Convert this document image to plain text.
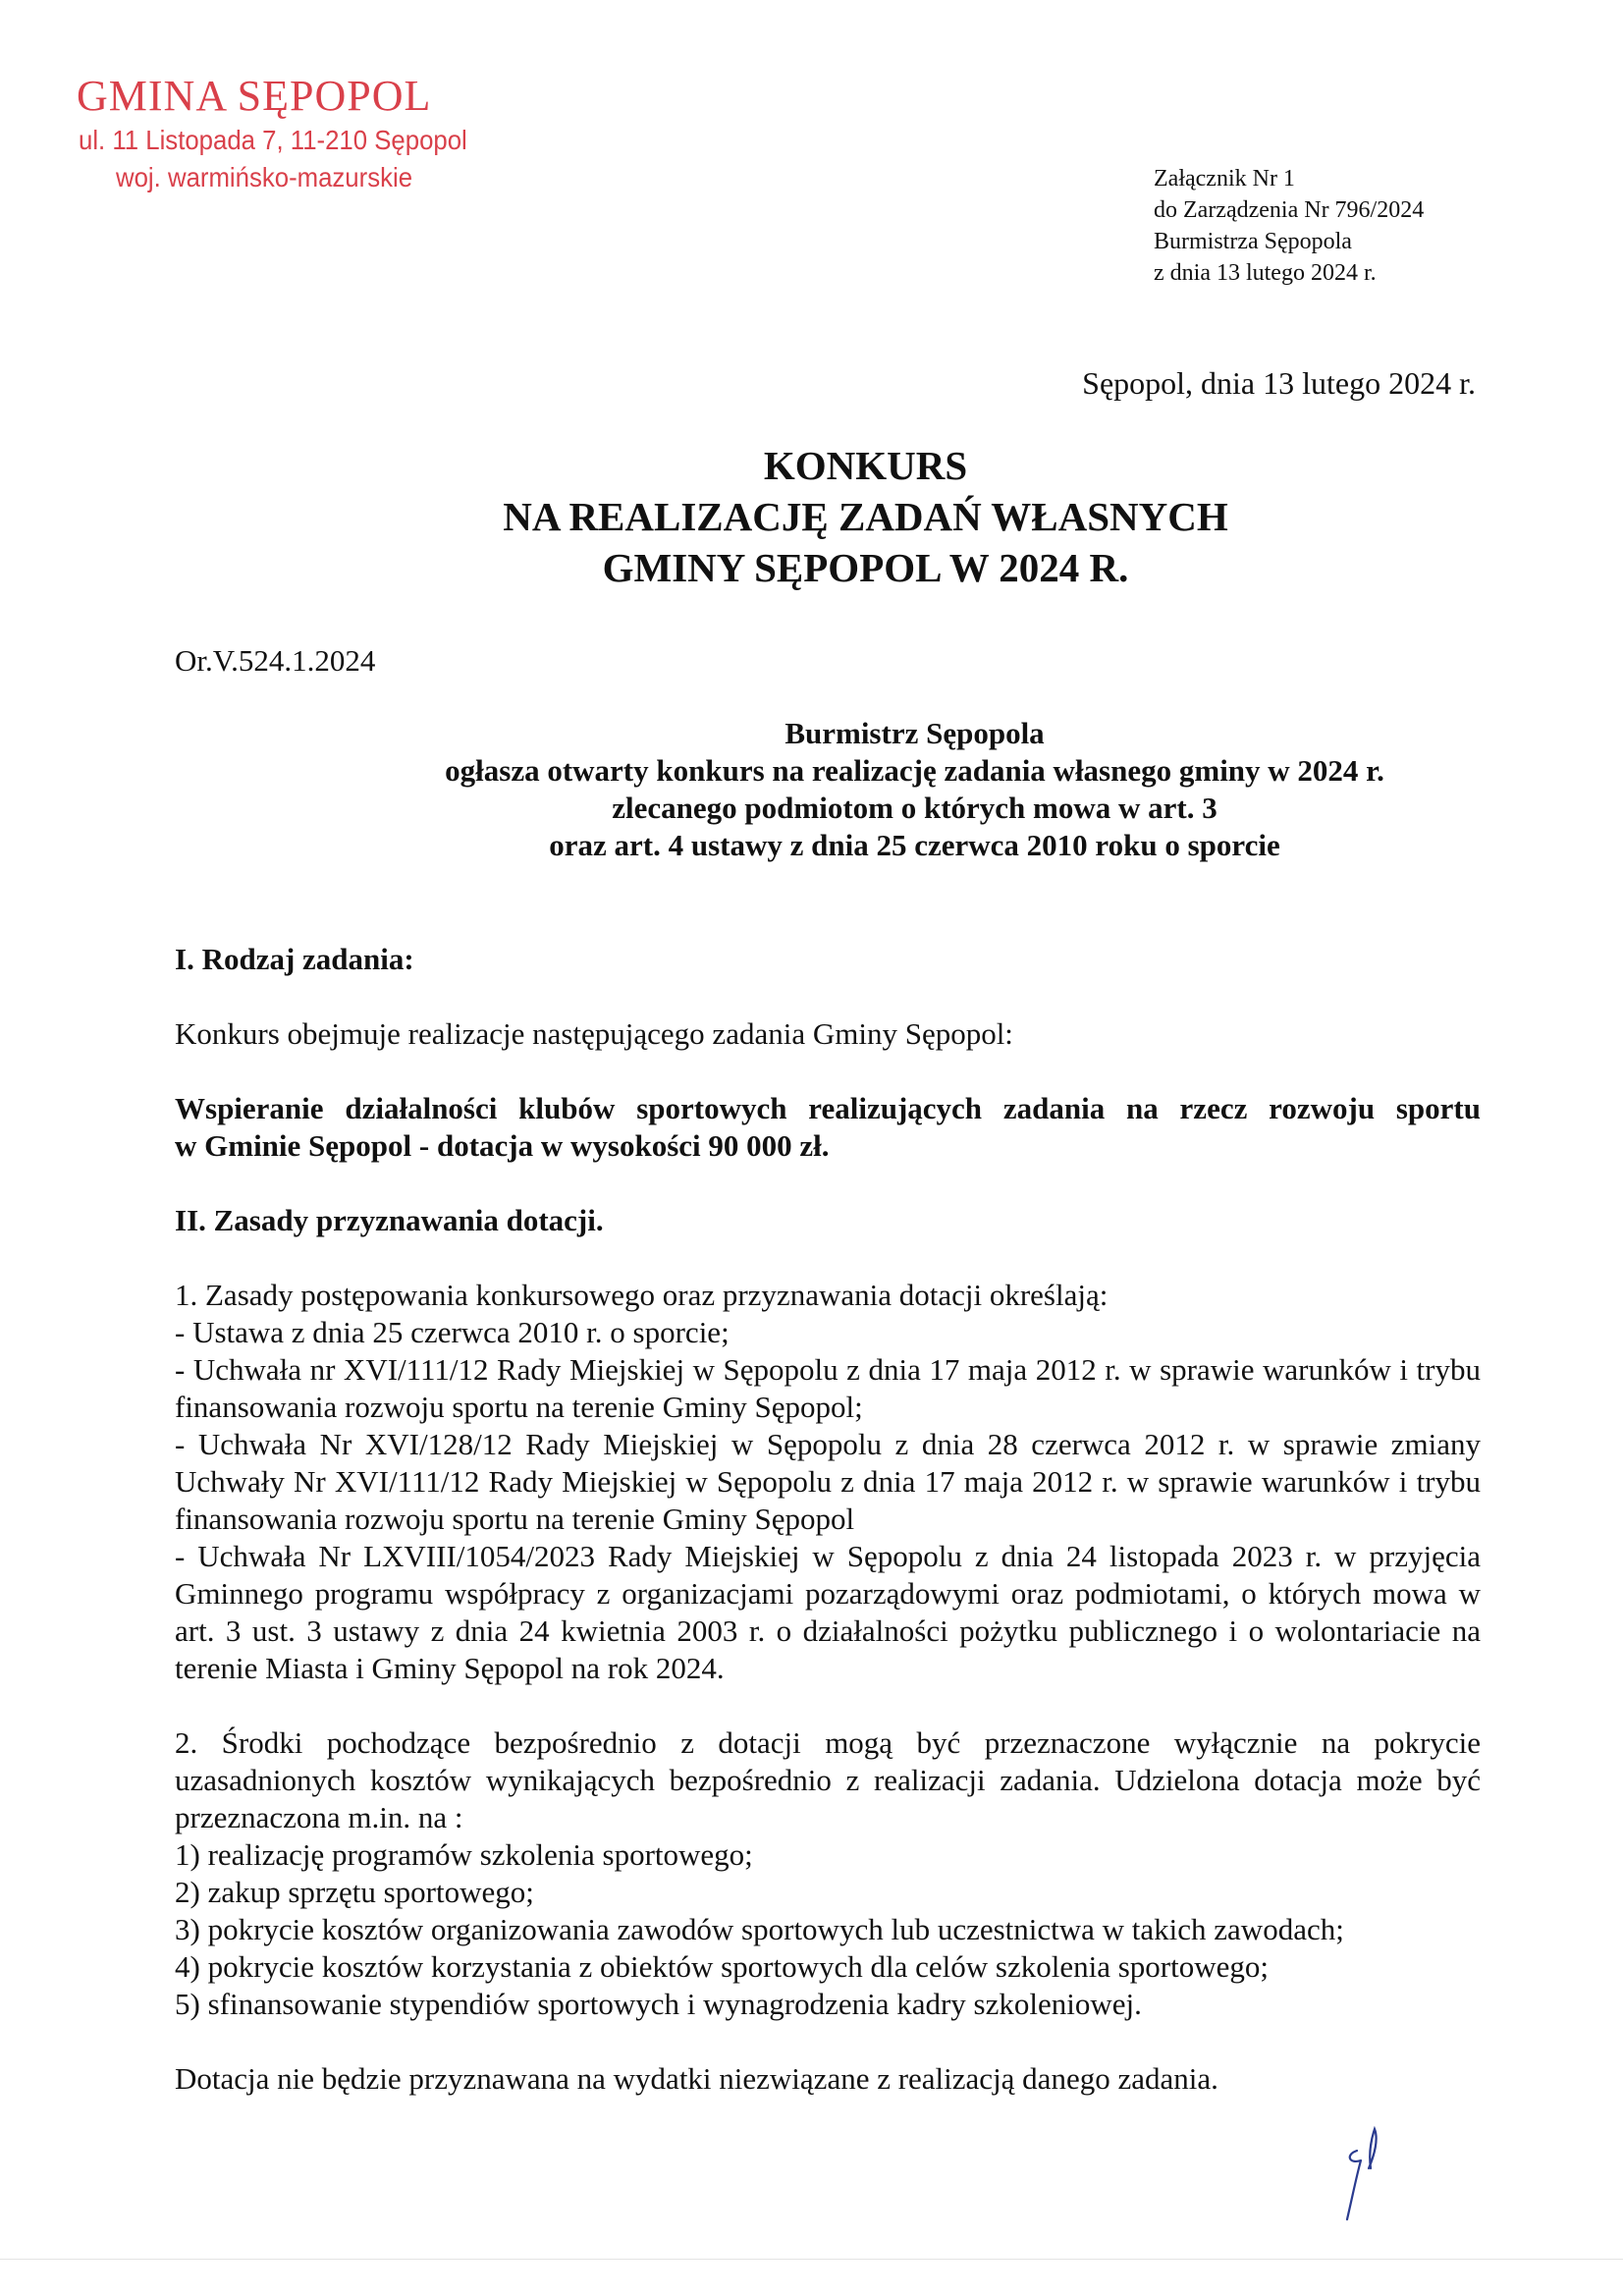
GMINA SĘPOPOL
ul. 11 Listopada 7, 11-210 Sępopol
woj. warmińsko-mazurskie	Załącznik Nr 1
do Zarządzenia Nr 796/2024
Burmistrza Sępopola
z dnia 13 lutego 2024 r.
Sępopol, dnia 13 lutego 2024 r.
KONKURS
NA REALIZACJĘ ZADAŃ WŁASNYCH
GMINY SĘPOPOL W 2024 R.
Or.V.524.1.2024
Burmistrz Sępopola
ogłasza otwarty konkurs na realizację zadania własnego gminy w 2024 r.
zlecanego podmiotom o których mowa w art. 3
oraz art. 4 ustawy z dnia 25 czerwca 2010 roku o sporcie

I. Rodzaj zadania:

Konkurs obejmuje realizacje następującego zadania Gminy Sępopol:

Wspieranie działalności klubów sportowych realizujących zadania na rzecz rozwoju sportu

w Gminie Sępopol - dotacja w wysokości 90 000 zł.

II. Zasady przyznawania dotacji.

1. Zasady postępowania konkursowego oraz przyznawania dotacji określają:

- Ustawa z dnia 25 czerwca 2010 r. o sporcie;

- Uchwała nr XVI/111/12 Rady Miejskiej w Sępopolu z dnia 17 maja 2012 r. w sprawie warunków i trybu finansowania rozwoju sportu na terenie Gminy Sępopol;

- Uchwała Nr XVI/128/12 Rady Miejskiej w Sępopolu z dnia 28 czerwca 2012 r. w sprawie zmiany Uchwały Nr XVI/111/12 Rady Miejskiej w Sępopolu z dnia 17 maja 2012 r. w sprawie warunków i trybu finansowania rozwoju sportu na terenie Gminy Sępopol

- Uchwała Nr LXVIII/1054/2023 Rady Miejskiej w Sępopolu z dnia 24 listopada 2023 r. w przyjęcia Gminnego programu współpracy z organizacjami pozarządowymi oraz podmiotami, o których mowa w art. 3 ust. 3 ustawy z dnia 24 kwietnia 2003 r. o działalności pożytku publicznego i o wolontariacie na terenie Miasta i Gminy Sępopol na rok 2024.

2. Środki pochodzące bezpośrednio z dotacji mogą być przeznaczone wyłącznie na pokrycie uzasadnionych kosztów wynikających bezpośrednio z realizacji zadania. Udzielona dotacja może być przeznaczona m.in. na :

1) realizację programów szkolenia sportowego;

2) zakup sprzętu sportowego;

3) pokrycie kosztów organizowania zawodów sportowych lub uczestnictwa w takich zawodach;

4) pokrycie kosztów korzystania z obiektów sportowych dla celów szkolenia sportowego;

5) sfinansowanie stypendiów sportowych i wynagrodzenia kadry szkoleniowej.

Dotacja nie będzie przyznawana na wydatki niezwiązane z realizacją danego zadania.
